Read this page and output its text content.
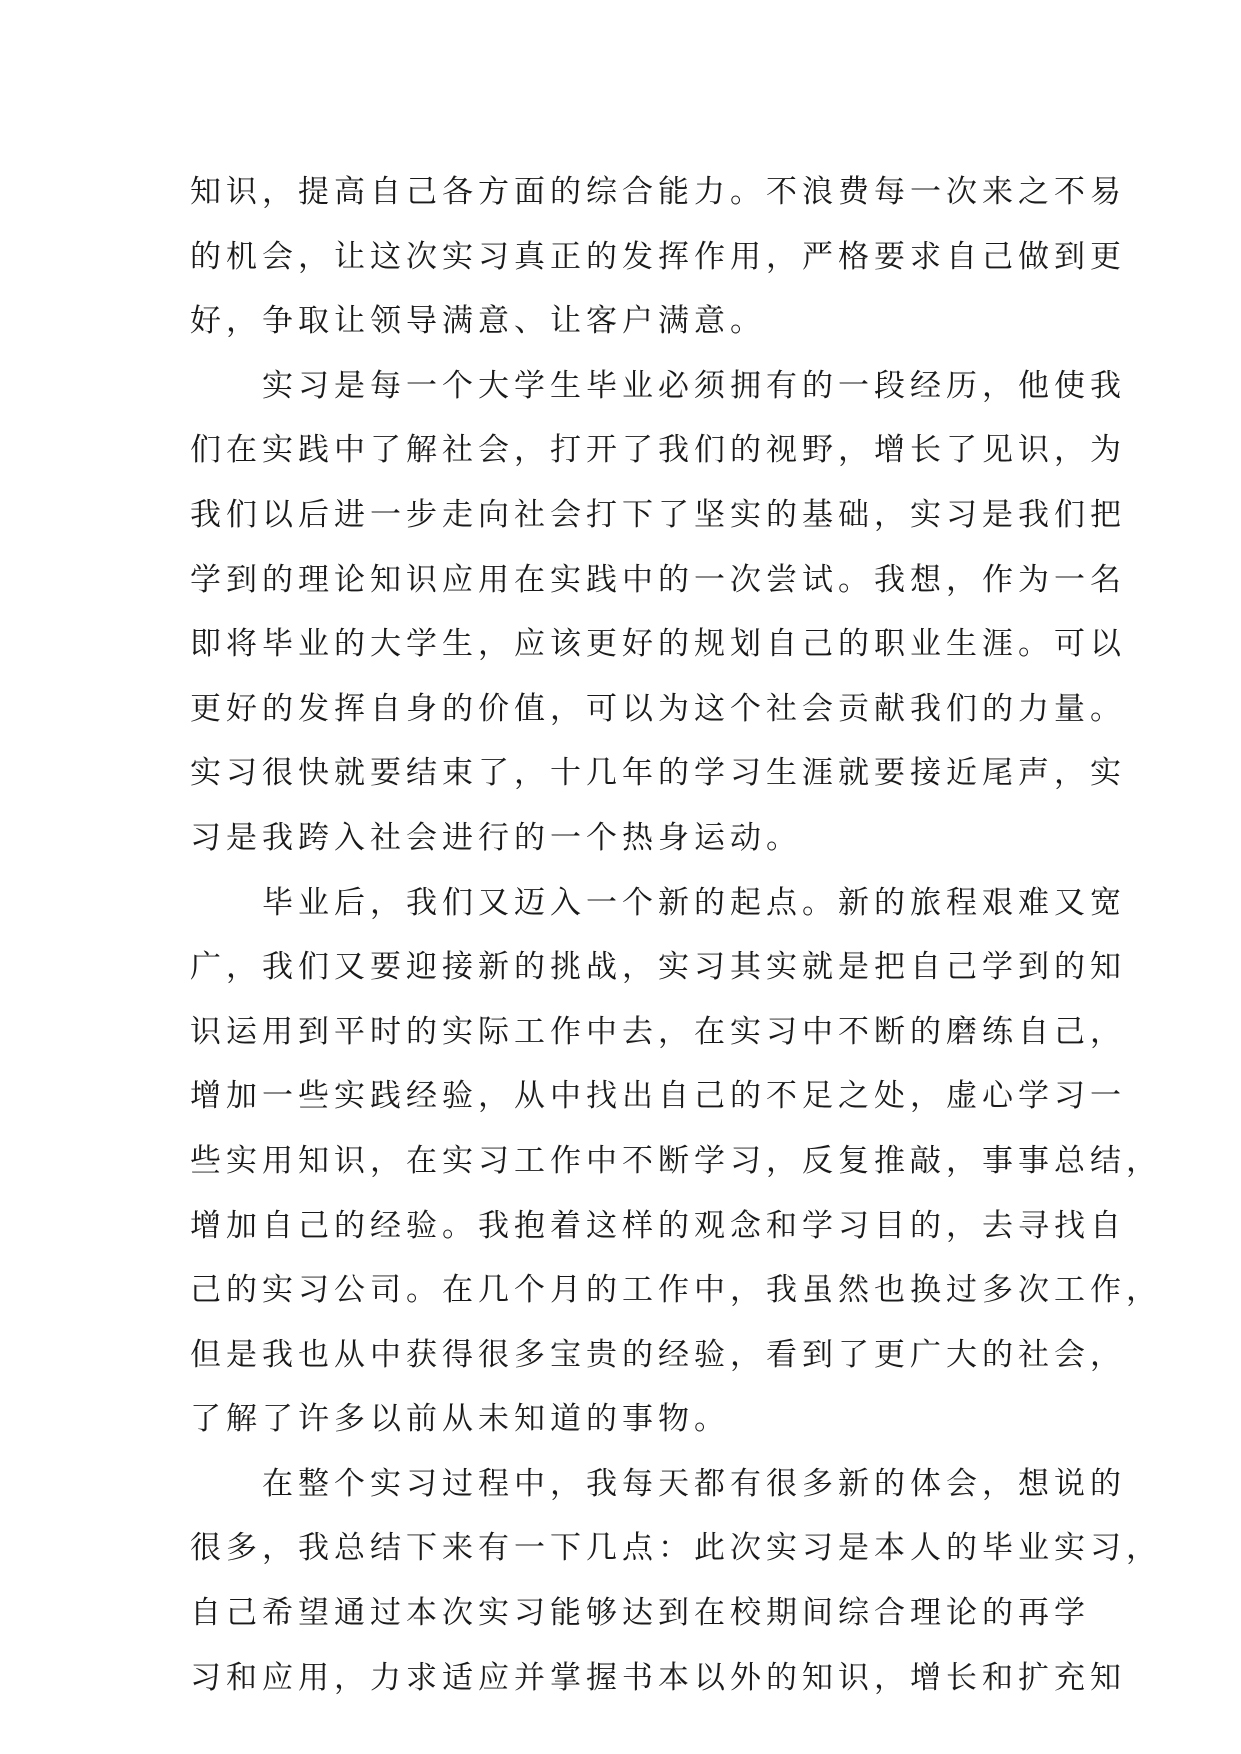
知识，提高自己各方面的综合能力。不浪费每一次来之不易
的机会，让这次实习真正的发挥作用，严格要求自己做到更
好，争取让领导满意、让客户满意。
实习是每一个大学生毕业必须拥有的一段经历，他使我
们在实践中了解社会，打开了我们的视野，增长了见识，为
我们以后进一步走向社会打下了坚实的基础，实习是我们把
学到的理论知识应用在实践中的一次尝试。我想，作为一名
即将毕业的大学生，应该更好的规划自己的职业生涯。可以
更好的发挥自身的价值，可以为这个社会贡献我们的力量。
实习很快就要结束了，十几年的学习生涯就要接近尾声，实
习是我跨入社会进行的一个热身运动。
毕业后，我们又迈入一个新的起点。新的旅程艰难又宽
广，我们又要迎接新的挑战，实习其实就是把自己学到的知
识运用到平时的实际工作中去，在实习中不断的磨练自己，
增加一些实践经验，从中找出自己的不足之处，虚心学习一
些实用知识，在实习工作中不断学习，反复推敲，事事总结，
增加自己的经验。我抱着这样的观念和学习目的，去寻找自
己的实习公司。在几个月的工作中，我虽然也换过多次工作，
但是我也从中获得很多宝贵的经验，看到了更广大的社会，
了解了许多以前从未知道的事物。
在整个实习过程中，我每天都有很多新的体会，想说的
很多，我总结下来有一下几点：此次实习是本人的毕业实习，
自己希望通过本次实习能够达到在校期间综合理论的再学
习和应用，力求适应并掌握书本以外的知识，增长和扩充知
